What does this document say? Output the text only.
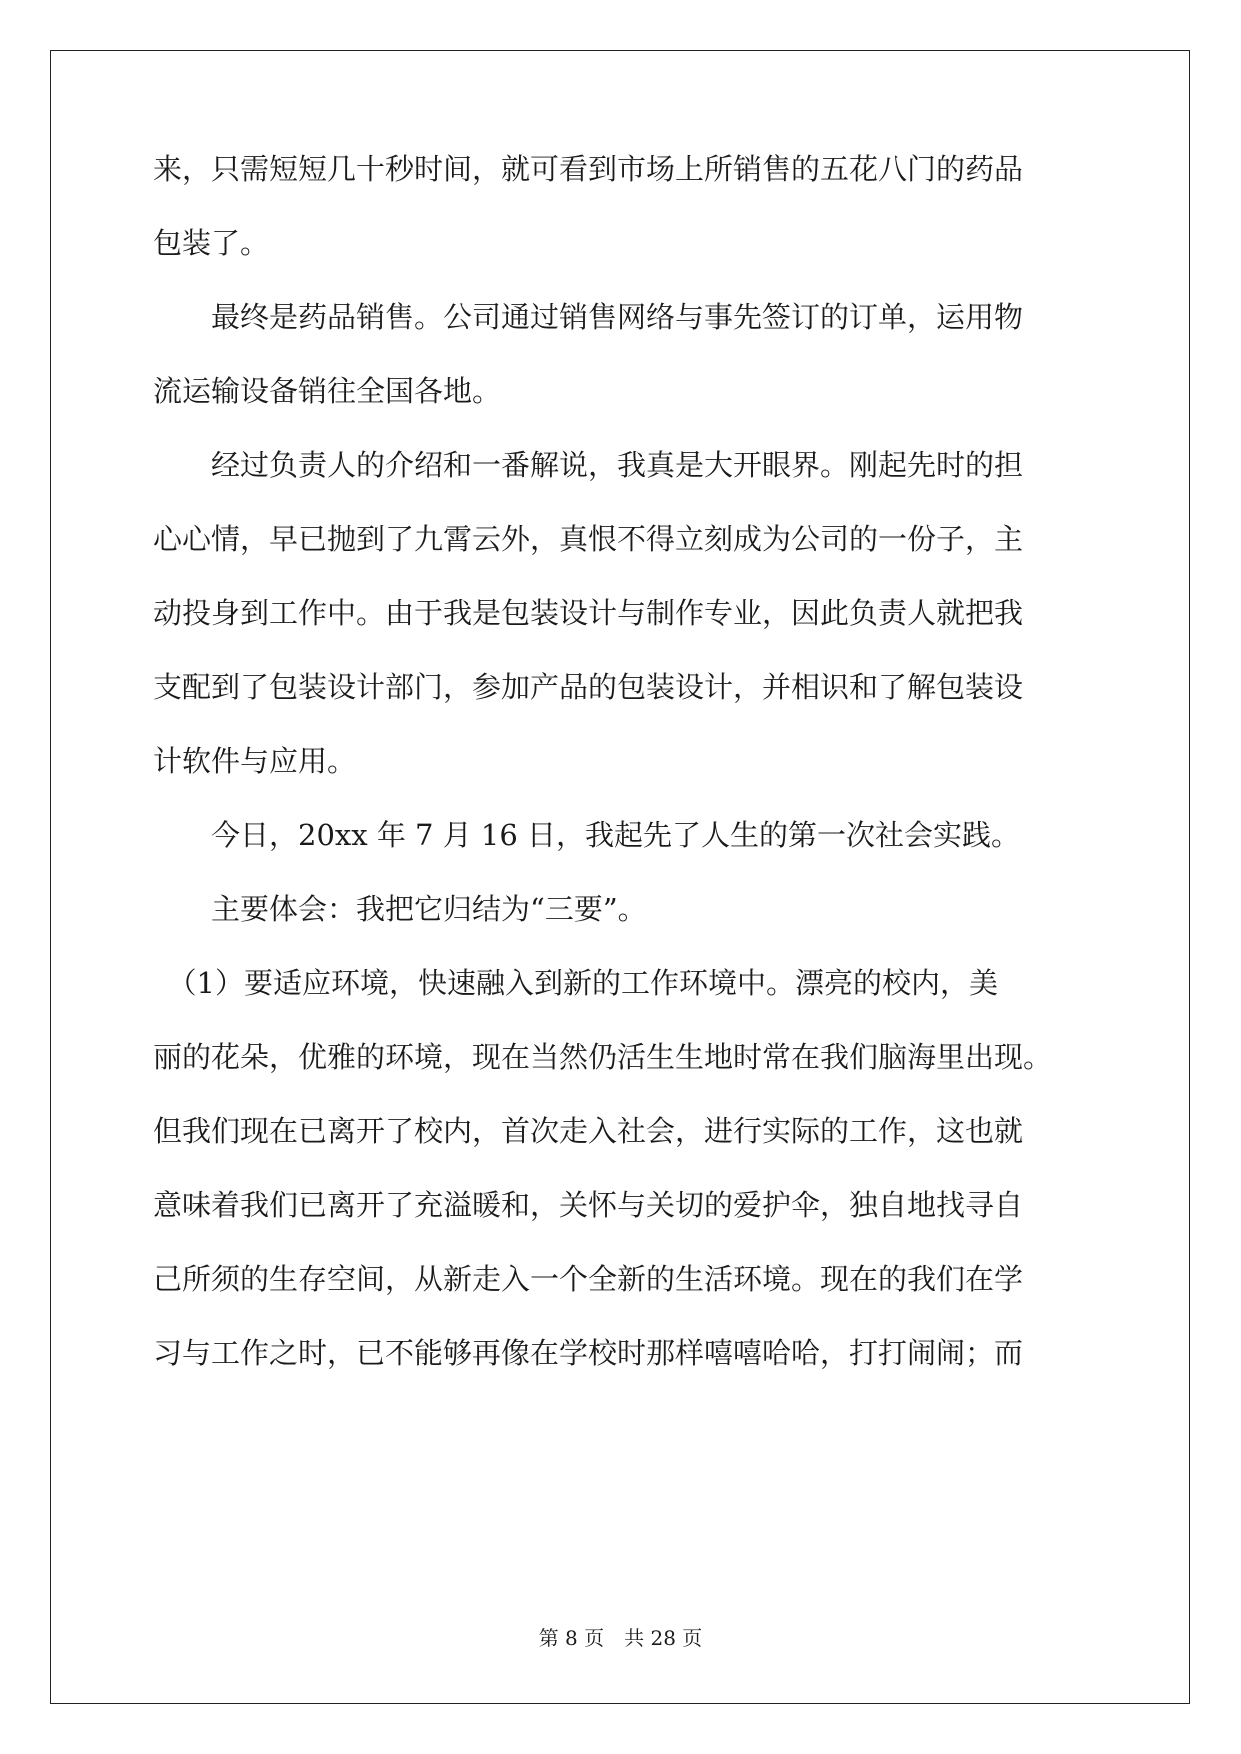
来，只需短短几十秒时间，就可看到市场上所销售的五花八门的药品
包装了。
　　最终是药品销售。公司通过销售网络与事先签订的订单，运用物
流运输设备销往全国各地。
　　经过负责人的介绍和一番解说，我真是大开眼界。刚起先时的担
心心情，早已抛到了九霄云外，真恨不得立刻成为公司的一份子，主
动投身到工作中。由于我是包装设计与制作专业，因此负责人就把我
支配到了包装设计部门，参加产品的包装设计，并相识和了解包装设
计软件与应用。
　　今日，20xx 年 7 月 16 日，我起先了人生的第一次社会实践。
　　主要体会：我把它归结为“三要”。
　（1）要适应环境，快速融入到新的工作环境中。漂亮的校内，美
丽的花朵，优雅的环境，现在当然仍活生生地时常在我们脑海里出现。
但我们现在已离开了校内，首次走入社会，进行实际的工作，这也就
意味着我们已离开了充溢暖和，关怀与关切的爱护伞，独自地找寻自
己所须的生存空间，从新走入一个全新的生活环境。现在的我们在学
习与工作之时，已不能够再像在学校时那样嘻嘻哈哈，打打闹闹；而
第 8 页　共 28 页
